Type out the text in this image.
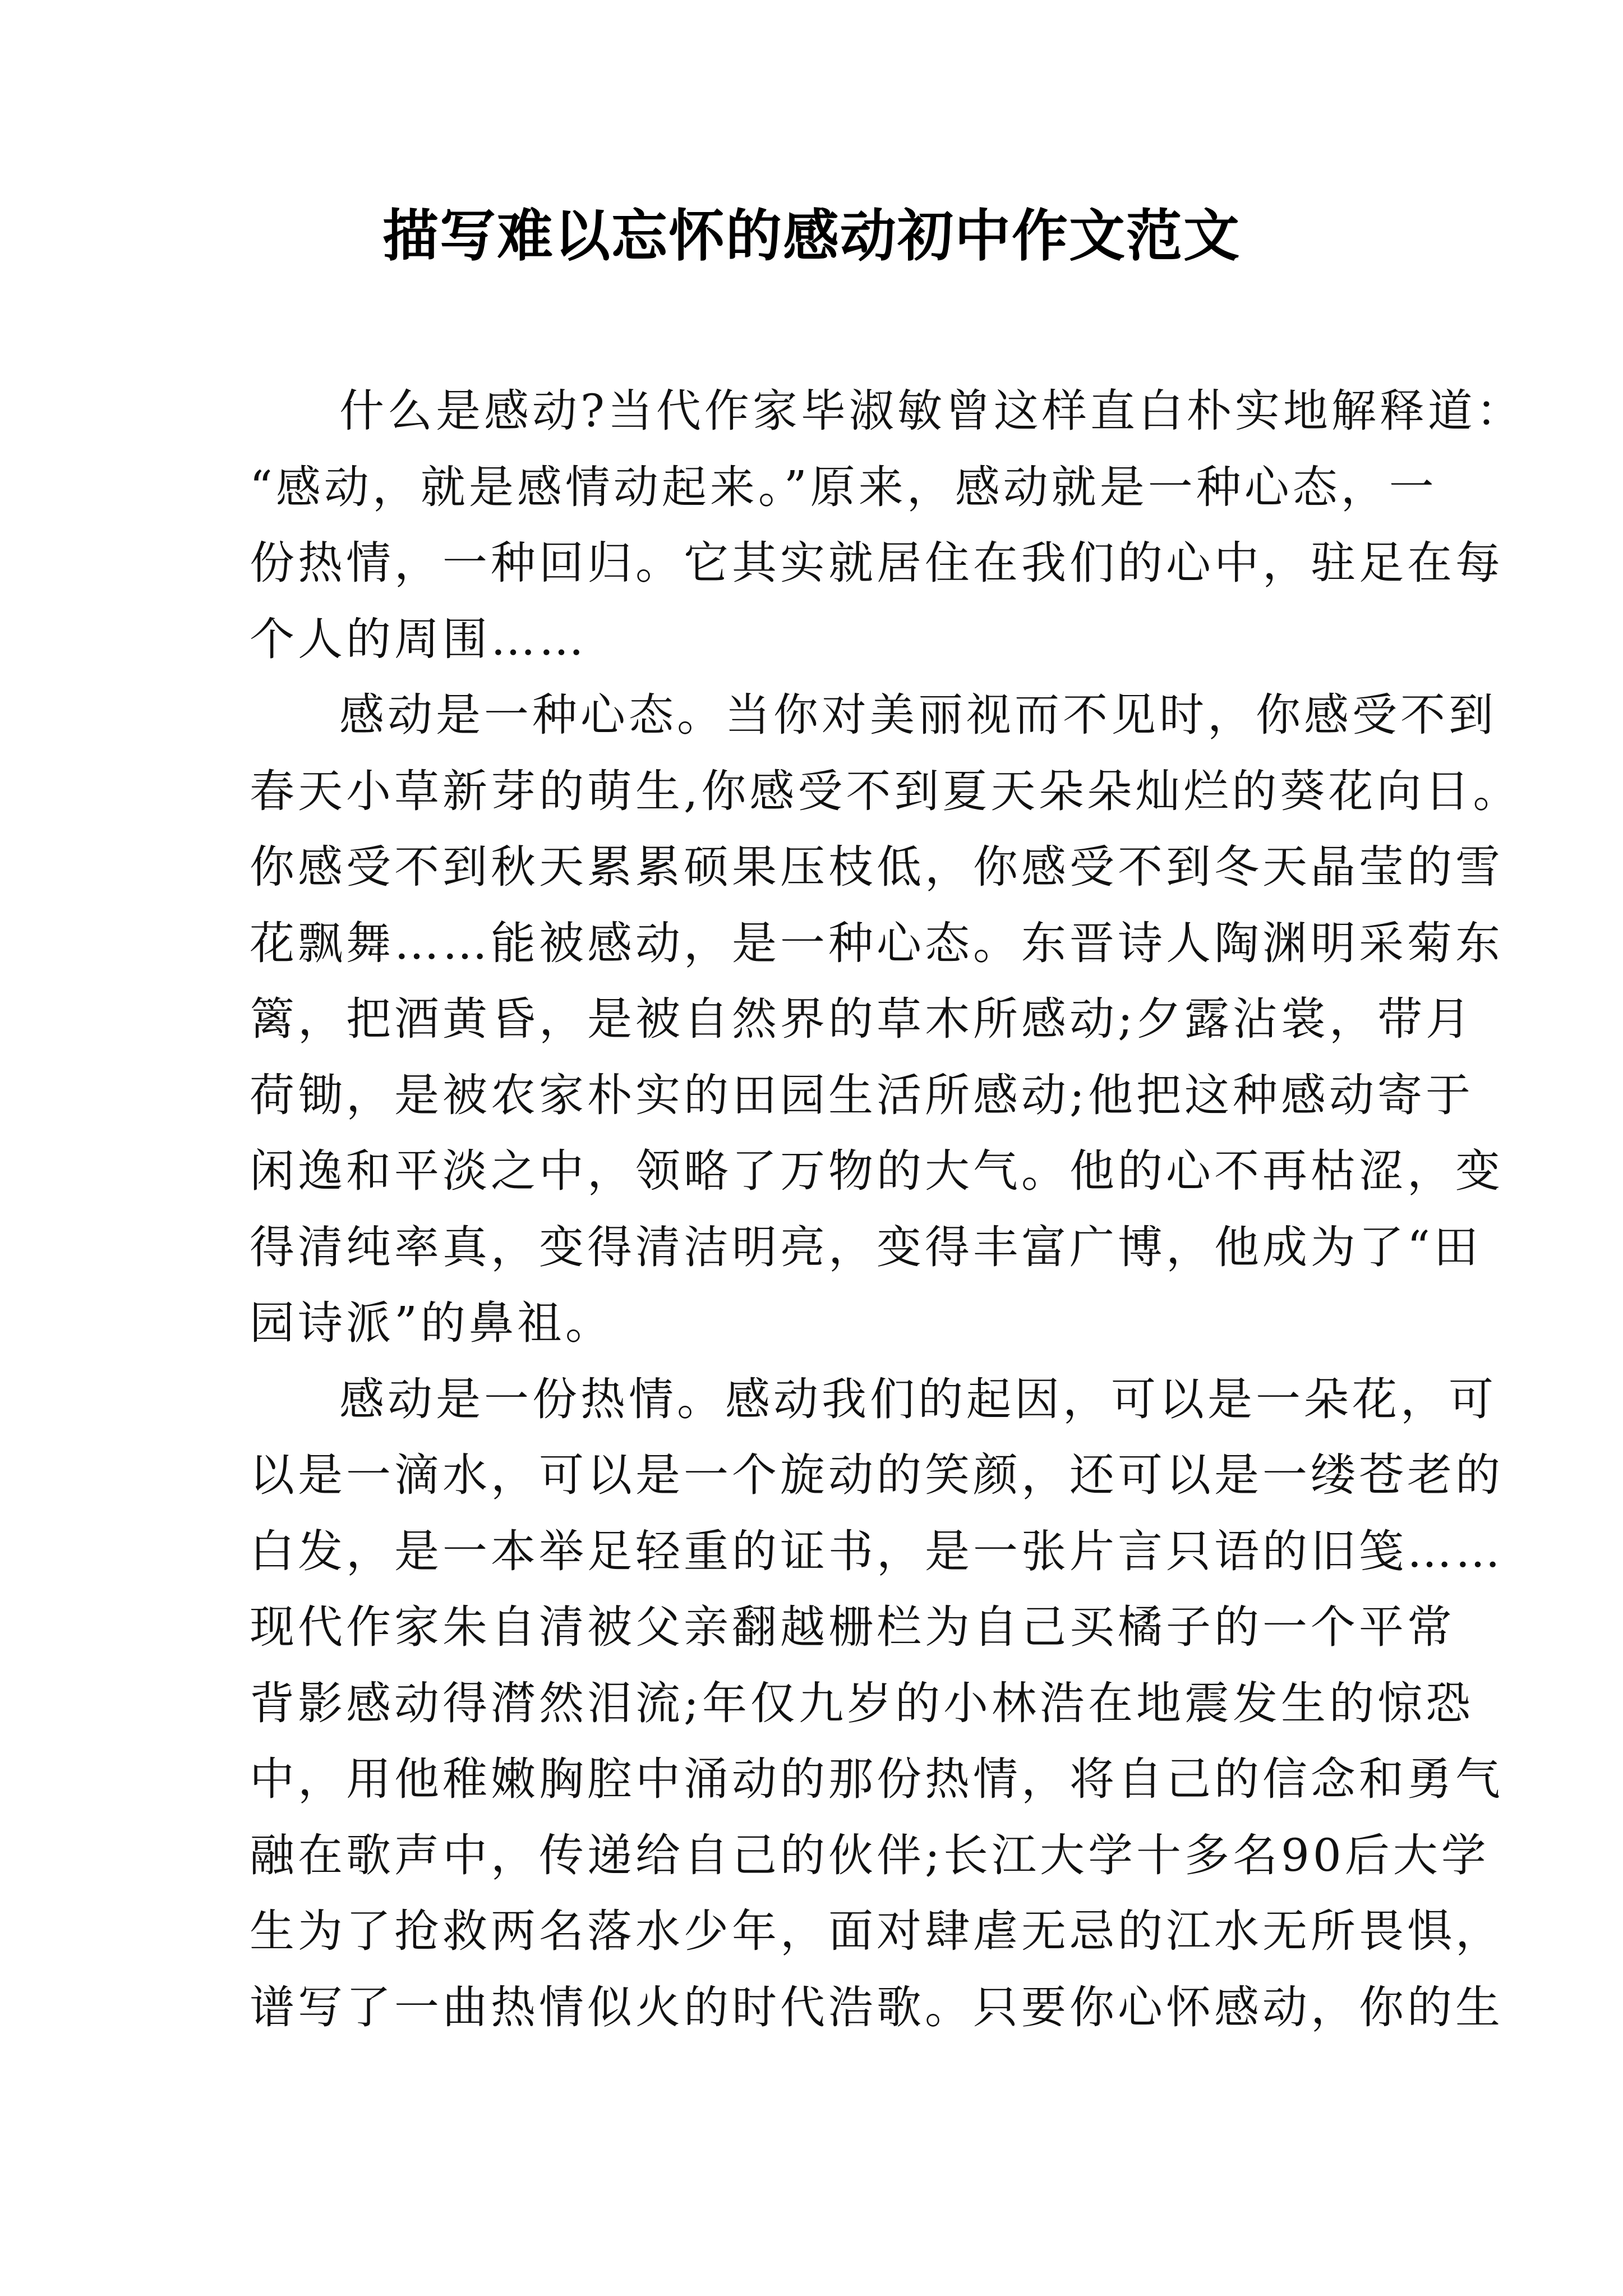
描写难以忘怀的感动初中作文范文

什么是感动?当代作家毕淑敏曾这样直白朴实地解释道：
“感动，就是感情动起来。”原来，感动就是一种心态，一
份热情，一种回归。它其实就居住在我们的心中，驻足在每
个人的周围……

感动是一种心态。当你对美丽视而不见时，你感受不到
春天小草新芽的萌生,你感受不到夏天朵朵灿烂的葵花向日。
你感受不到秋天累累硕果压枝低，你感受不到冬天晶莹的雪
花飘舞……能被感动，是一种心态。东晋诗人陶渊明采菊东
篱，把酒黄昏，是被自然界的草木所感动;夕露沾裳，带月
荷锄，是被农家朴实的田园生活所感动;他把这种感动寄于
闲逸和平淡之中，领略了万物的大气。他的心不再枯涩，变
得清纯率真，变得清洁明亮，变得丰富广博，他成为了“田
园诗派”的鼻祖。

感动是一份热情。感动我们的起因，可以是一朵花，可
以是一滴水，可以是一个旋动的笑颜，还可以是一缕苍老的
白发，是一本举足轻重的证书，是一张片言只语的旧笺……
现代作家朱自清被父亲翻越栅栏为自己买橘子的一个平常
背影感动得潸然泪流;年仅九岁的小林浩在地震发生的惊恐
中，用他稚嫩胸腔中涌动的那份热情，将自己的信念和勇气
融在歌声中，传递给自己的伙伴;长江大学十多名90后大学
生为了抢救两名落水少年，面对肆虐无忌的江水无所畏惧，
谱写了一曲热情似火的时代浩歌。只要你心怀感动，你的生
